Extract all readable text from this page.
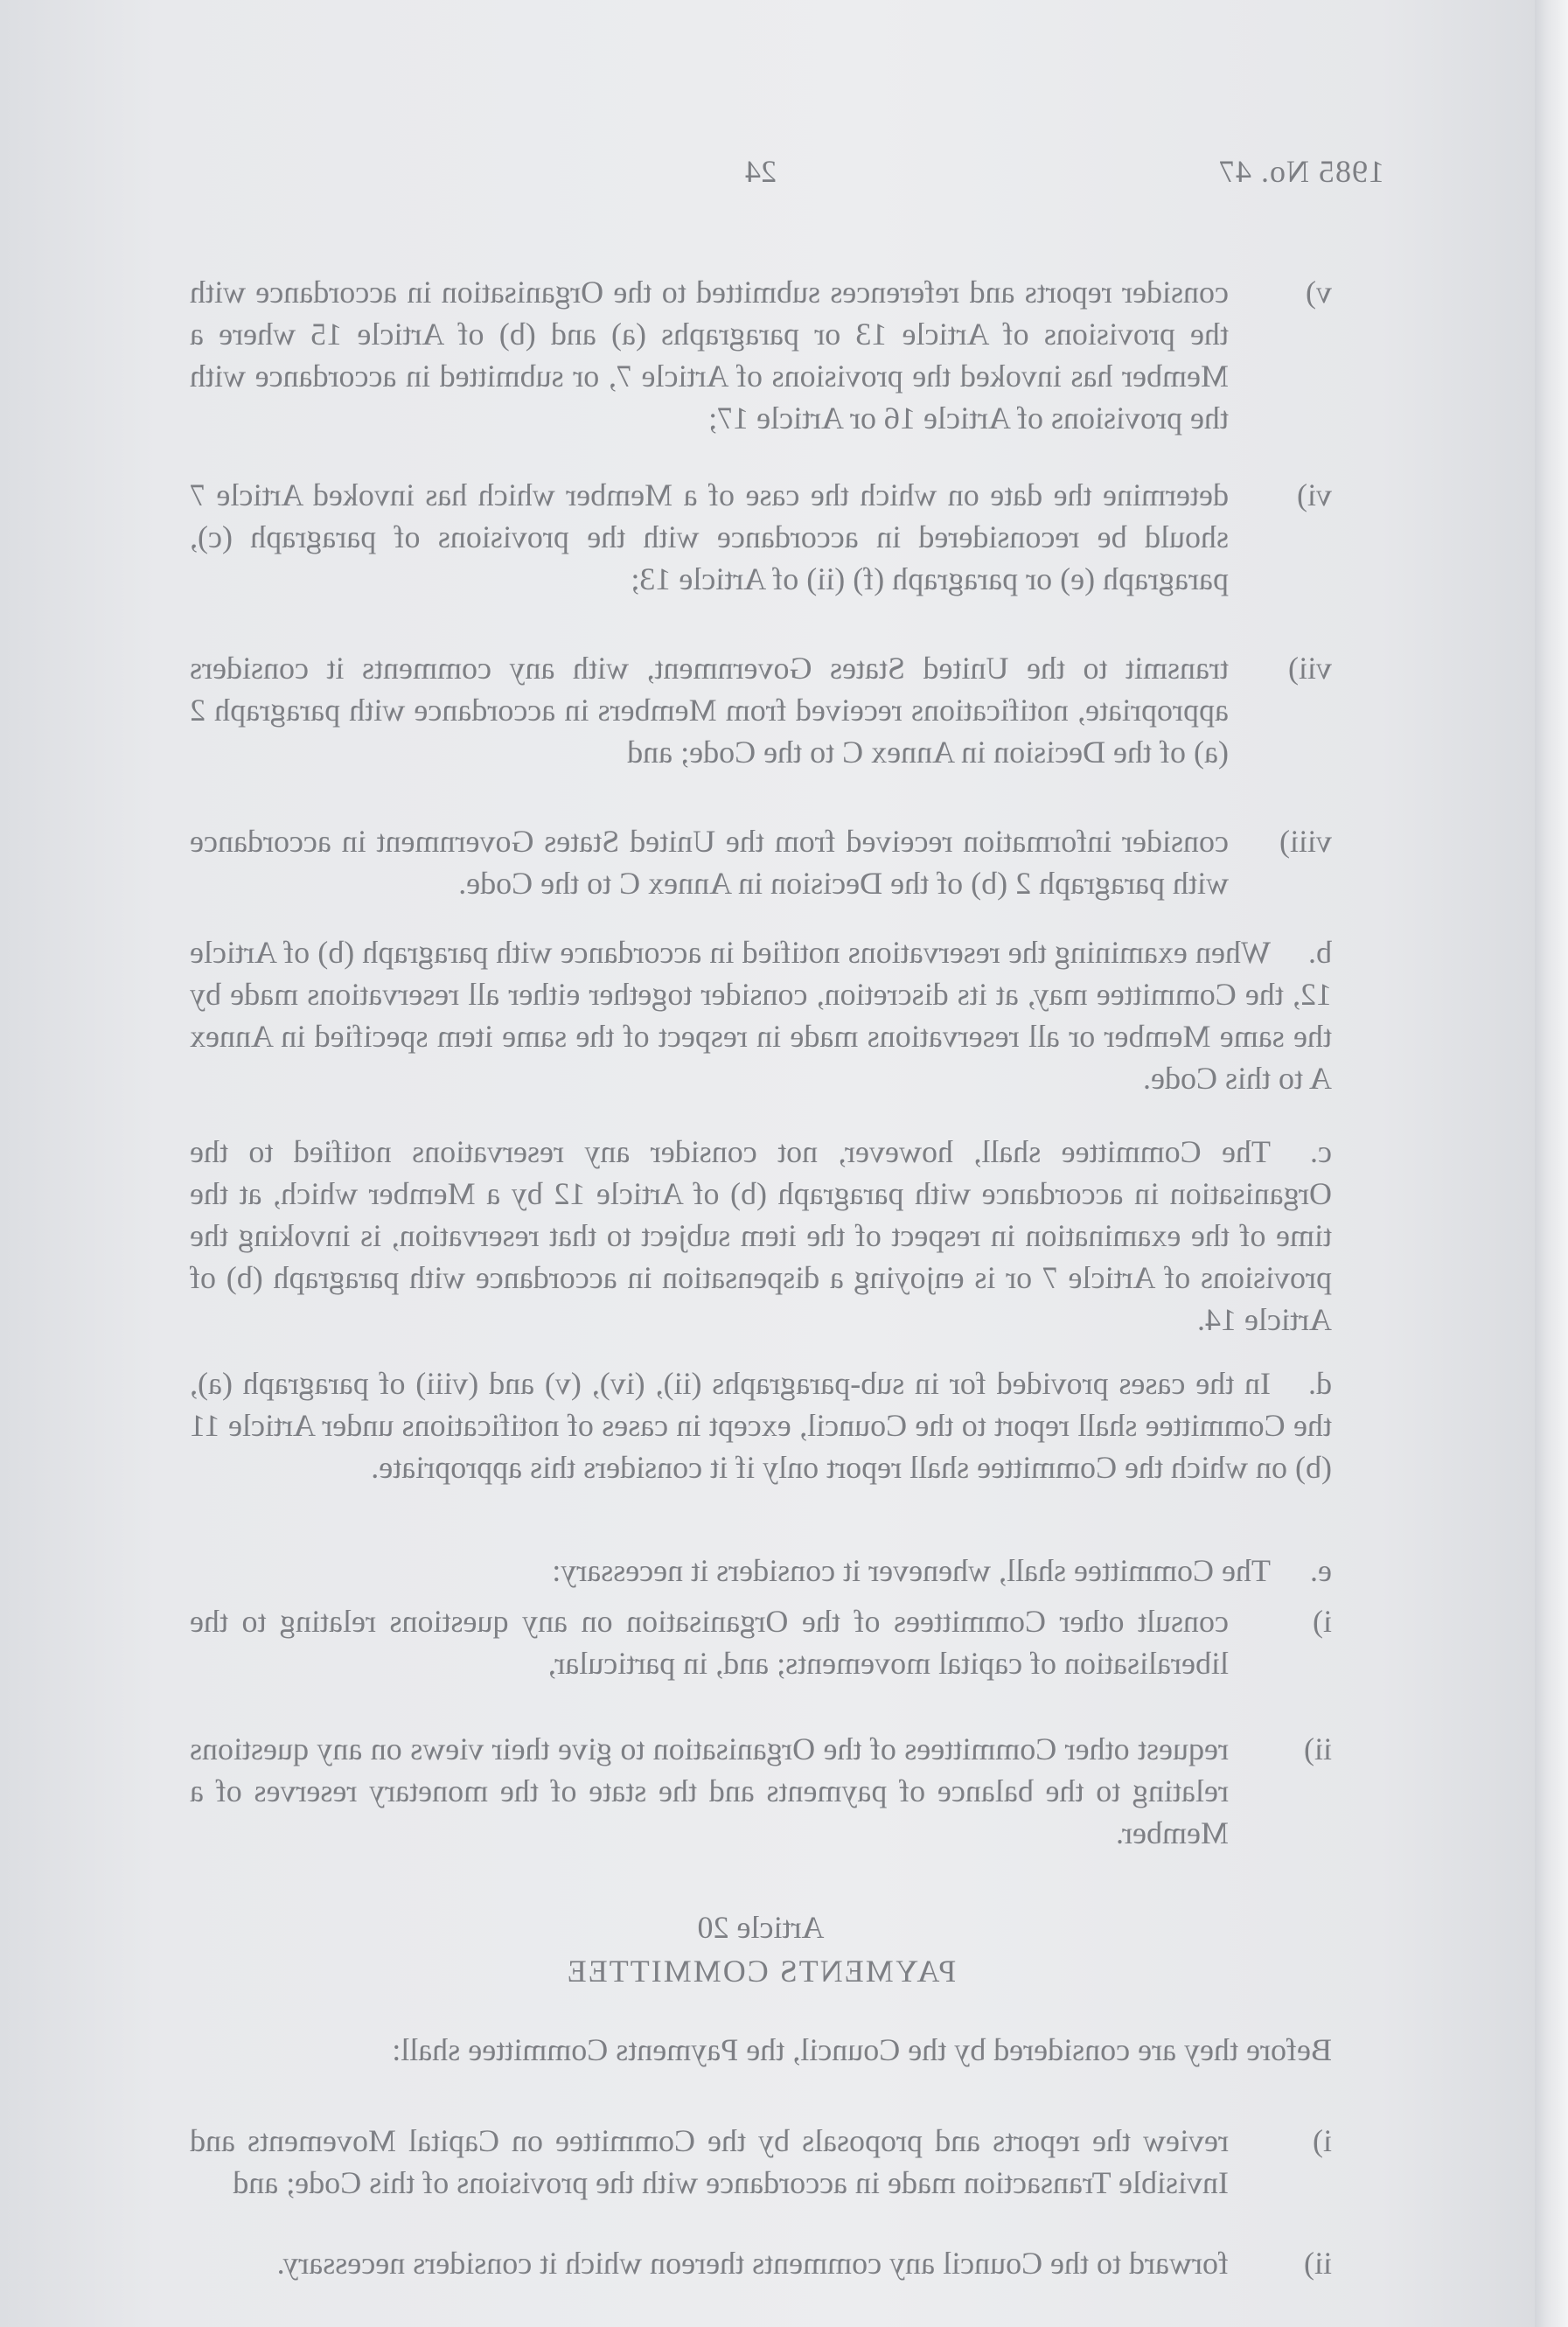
1985 No. 47
24
v)
consider reports and references submitted to the Organisation in accordance with the provisions of Article 13 or paragraphs (a) and (b) of Article 15 where a Member has invoked the provisions of Article 7, or submitted in accordance with the provisions of Article 16 or Article 17;
vi)
determine the date on which the case of a Member which has invoked Article 7 should be reconsidered in accordance with the provisions of paragraph (c), paragraph (e) or paragraph (f) (ii) of Article 13;
vii)
transmit to the United States Government, with any comments it considers appropriate, notifications received from Members in accordance with paragraph 2 (a) of the Decision in Annex C to the Code; and
viii)
consider information received from the United States Government in accordance with paragraph 2 (b) of the Decision in Annex C to the Code.
b.When examining the reservations notified in accordance with paragraph (b) of Article 12, the Committee may, at its discretion, consider together either all reservations made by the same Member or all reservations made in respect of the same item specified in Annex A to this Code.
c.The Committee shall, however, not consider any reservations notified to the Organisation in accordance with paragraph (b) of Article 12 by a Member which, at the time of the examination in respect of the item subject to that reservation, is invoking the provisions of Article 7 or is enjoying a dispensation in accordance with paragraph (b) of Article 14.
d.In the cases provided for in sub-paragraphs (ii), (iv), (v) and (viii) of paragraph (a), the Committee shall report to the Council, except in cases of notifications under Article 11 (b) on which the Committee shall report only if it considers this appropriate.
e.The Committee shall, whenever it considers it necessary:
i)
consult other Committees of the Organisation on any questions relating to the liberalisation of capital movements; and, in particular,
ii)
request other Committees of the Organisation to give their views on any questions relating to the balance of payments and the state of the monetary reserves of a Member.
Article 20
PAYMENTS COMMITTEE
Before they are considered by the Council, the Payments Committee shall:
i)
review the reports and proposals by the Committee on Capital Movements and Invisible Transaction made in accordance with the provisions of this Code; and
ii)
forward to the Council any comments thereon which it considers necessary.
